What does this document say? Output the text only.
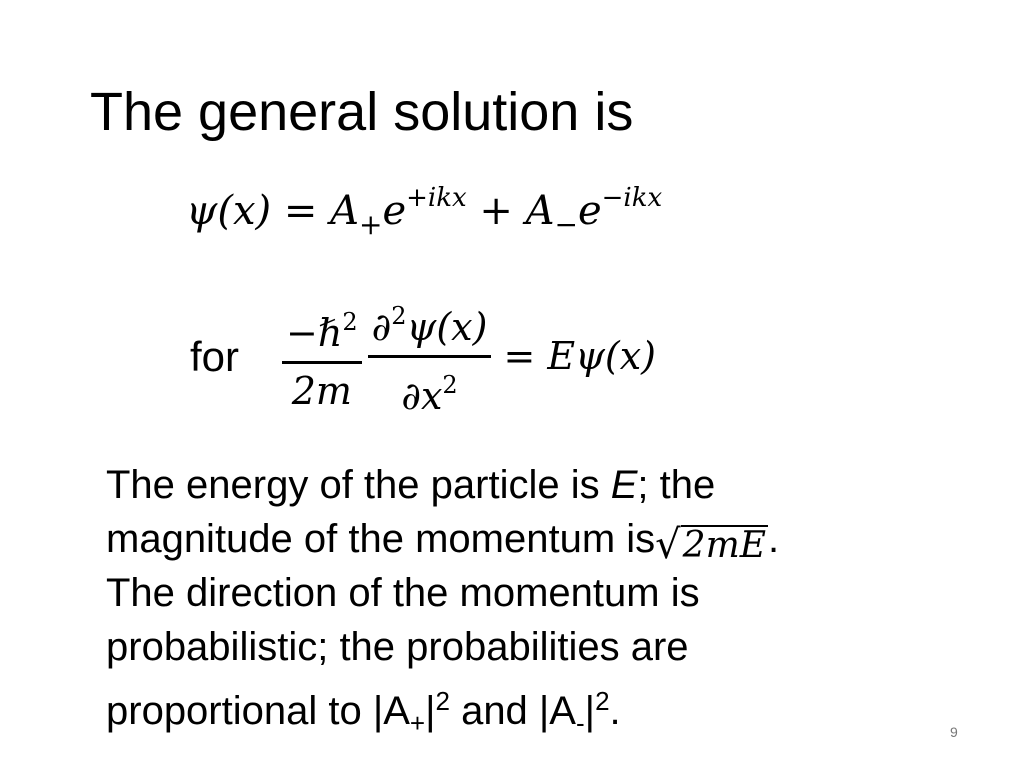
The general solution is
$\psi(x) = A_+e^{+ikx} + A_-e^{-ikx}$
for $\frac{-\hbar^2}{2m} \frac{\partial^2\psi(x)}{\partial x^2} = E\psi(x)$
The energy of the particle is E; the
magnitude of the momentum is √ 2mE .
The direction of the momentum is
probabilistic; the probabilities are
proportional to $|A_+|^2$ and $|A_-|^2$.	9
